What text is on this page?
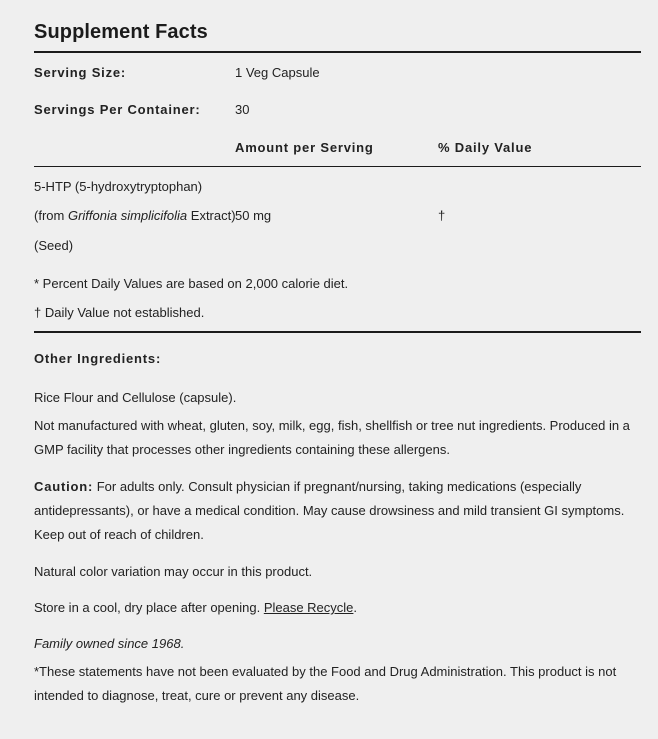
Supplement Facts
Serving Size:	1 Veg Capsule
Servings Per Container:	30
Amount per Serving	% Daily Value
5-HTP (5-hydroxytryptophan)
(from Griffonia simplicifolia Extract) 50 mg	†
(Seed)
* Percent Daily Values are based on 2,000 calorie diet.
† Daily Value not established.
Other Ingredients:
Rice Flour and Cellulose (capsule).
Not manufactured with wheat, gluten, soy, milk, egg, fish, shellfish or tree nut ingredients. Produced in a GMP facility that processes other ingredients containing these allergens.
Caution: For adults only. Consult physician if pregnant/nursing, taking medications (especially antidepressants), or have a medical condition. May cause drowsiness and mild transient GI symptoms. Keep out of reach of children.
Natural color variation may occur in this product.
Store in a cool, dry place after opening. Please Recycle.
Family owned since 1968.
*These statements have not been evaluated by the Food and Drug Administration. This product is not intended to diagnose, treat, cure or prevent any disease.
